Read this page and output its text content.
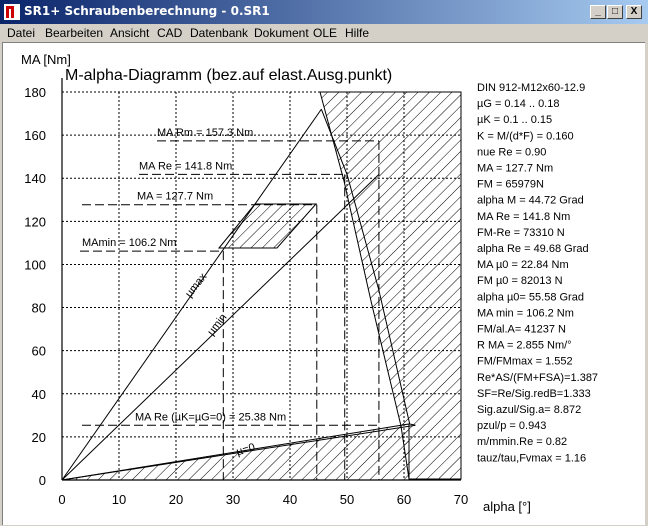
SR1+ Schraubenberechnung - 0.SR1	_	□	X
Datei Bearbeiten Ansicht CAD Datenbank Dokument OLE Hilfe
0	10	20	30	40	50	60	70
0
20
40
60
80
100
120
140
160
180
MA Rm = 157.3 Nm
MA Re = 141.8 Nm
MA = 127.7 Nm
MAmin = 106.2 Nm
MA Re (µK=µG=0) = 25.38 Nm
M-alpha-Diagramm (bez.auf elast.Ausg.punkt)
MA [Nm]
alpha [°]
µmax
µmin
µ=0
DIN 912-M12x60-12.9
µG = 0.14 .. 0.18
µK = 0.1 .. 0.15
K = M/(d*F) = 0.160
nue Re = 0.90
MA = 127.7 Nm
FM = 65979N
alpha M = 44.72 Grad
MA Re = 141.8 Nm
FM-Re = 73310 N
alpha Re = 49.68 Grad
MA µ0 = 22.84 Nm
FM µ0 = 82013 N
alpha µ0= 55.58 Grad
MA min = 106.2 Nm
FM/al.A= 41237 N
R MA = 2.855 Nm/°
FM/FMmax = 1.552
Re*AS/(FM+FSA)=1.387
SF=Re/Sig.redB=1.333
Sig.azul/Sig.a= 8.872
pzul/p = 0.943
m/mmin.Re = 0.82
tauz/tau,Fvmax = 1.16
